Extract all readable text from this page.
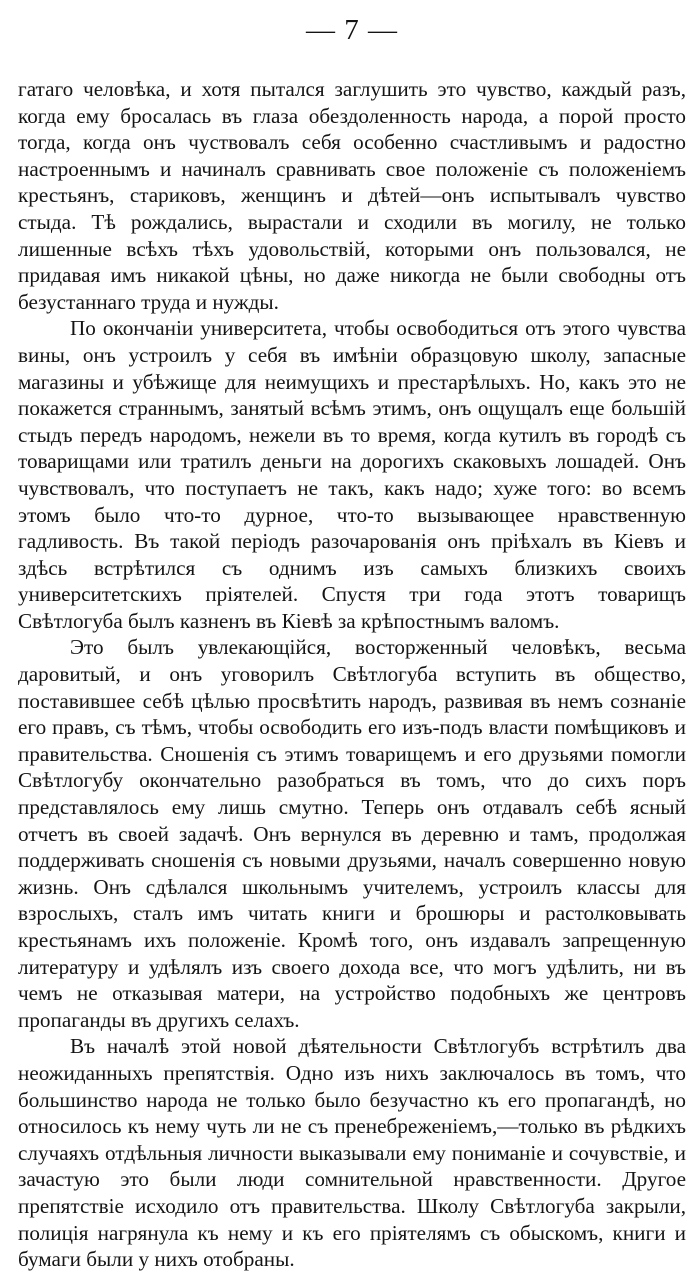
— 7 —

гатаго человѣка, и хотя пытался заглушить это чувство, каждый разъ, когда ему бросалась въ глаза обездоленность народа, а порой просто тогда, когда онъ чуствовалъ себя особенно счастливымъ и радостно настроеннымъ и начиналъ сравнивать свое положеніе съ положеніемъ крестьянъ, стариковъ, женщинъ и дѣтей—онъ испытывалъ чувство стыда. Тѣ рождались, вырастали и сходили въ могилу, не только лишенные всѣхъ тѣхъ удовольствій, которыми онъ пользовался, не придавая имъ никакой цѣны, но даже никогда не были свободны отъ безустаннаго труда и нужды.

По окончаніи университета, чтобы освободиться отъ этого чувства вины, онъ устроилъ у себя въ имѣніи образцовую школу, запасные магазины и убѣжище для неимущихъ и престарѣлыхъ. Но, какъ это не покажется страннымъ, занятый всѣмъ этимъ, онъ ощущалъ еще большій стыдъ передъ народомъ, нежели въ то время, когда кутилъ въ городѣ съ товарищами или тратилъ деньги на дорогихъ скаковыхъ лошадей. Онъ чувствовалъ, что поступаетъ не такъ, какъ надо; хуже того: во всемъ этомъ было что-то дурное, что-то вызывающее нравственную гадливость. Въ такой періодъ разочарованія онъ пріѣхалъ въ Кіевъ и здѣсь встрѣтился съ однимъ изъ самыхъ близкихъ своихъ университетскихъ пріятелей. Спустя три года этотъ товарищъ Свѣтлогуба былъ казненъ въ Кіевѣ за крѣпостнымъ валомъ.

Это былъ увлекающійся, восторженный человѣкъ, весьма даровитый, и онъ уговорилъ Свѣтлогуба вступить въ общество, поставившее себѣ цѣлью просвѣтить народъ, развивая въ немъ сознаніе его правъ, съ тѣмъ, чтобы освободить его изъ-подъ власти помѣщиковъ и правительства. Сношенія съ этимъ товарищемъ и его друзьями помогли Свѣтлогубу окончательно разобраться въ томъ, что до сихъ поръ представлялось ему лишь смутно. Теперь онъ отдавалъ себѣ ясный отчетъ въ своей задачѣ. Онъ вернулся въ деревню и тамъ, продолжая поддерживать сношенія съ новыми друзьями, началъ совершенно новую жизнь. Онъ сдѣлался школьнымъ учителемъ, устроилъ классы для взрослыхъ, сталъ имъ читать книги и брошюры и растолковывать крестьянамъ ихъ положеніе. Кромѣ того, онъ издавалъ запрещенную литературу и удѣлялъ изъ своего дохода все, что могъ удѣлить, ни въ чемъ не отказывая матери, на устройство подобныхъ же центровъ пропаганды въ другихъ селахъ.

Въ началѣ этой новой дѣятельности Свѣтлогубъ встрѣтилъ два неожиданныхъ препятствія. Одно изъ нихъ заключалось въ томъ, что большинство народа не только было безучастно къ его пропагандѣ, но относилось къ нему чуть ли не съ пренебреженіемъ,—только въ рѣдкихъ случаяхъ отдѣльныя личности выказывали ему пониманіе и сочувствіе, и зачастую это были люди сомнительной нравственности. Другое препятствіе исходило отъ правительства. Школу Свѣтлогуба закрыли, полиція нагрянула къ нему и къ его пріятелямъ съ обыскомъ, книги и бумаги были у нихъ отобраны.
